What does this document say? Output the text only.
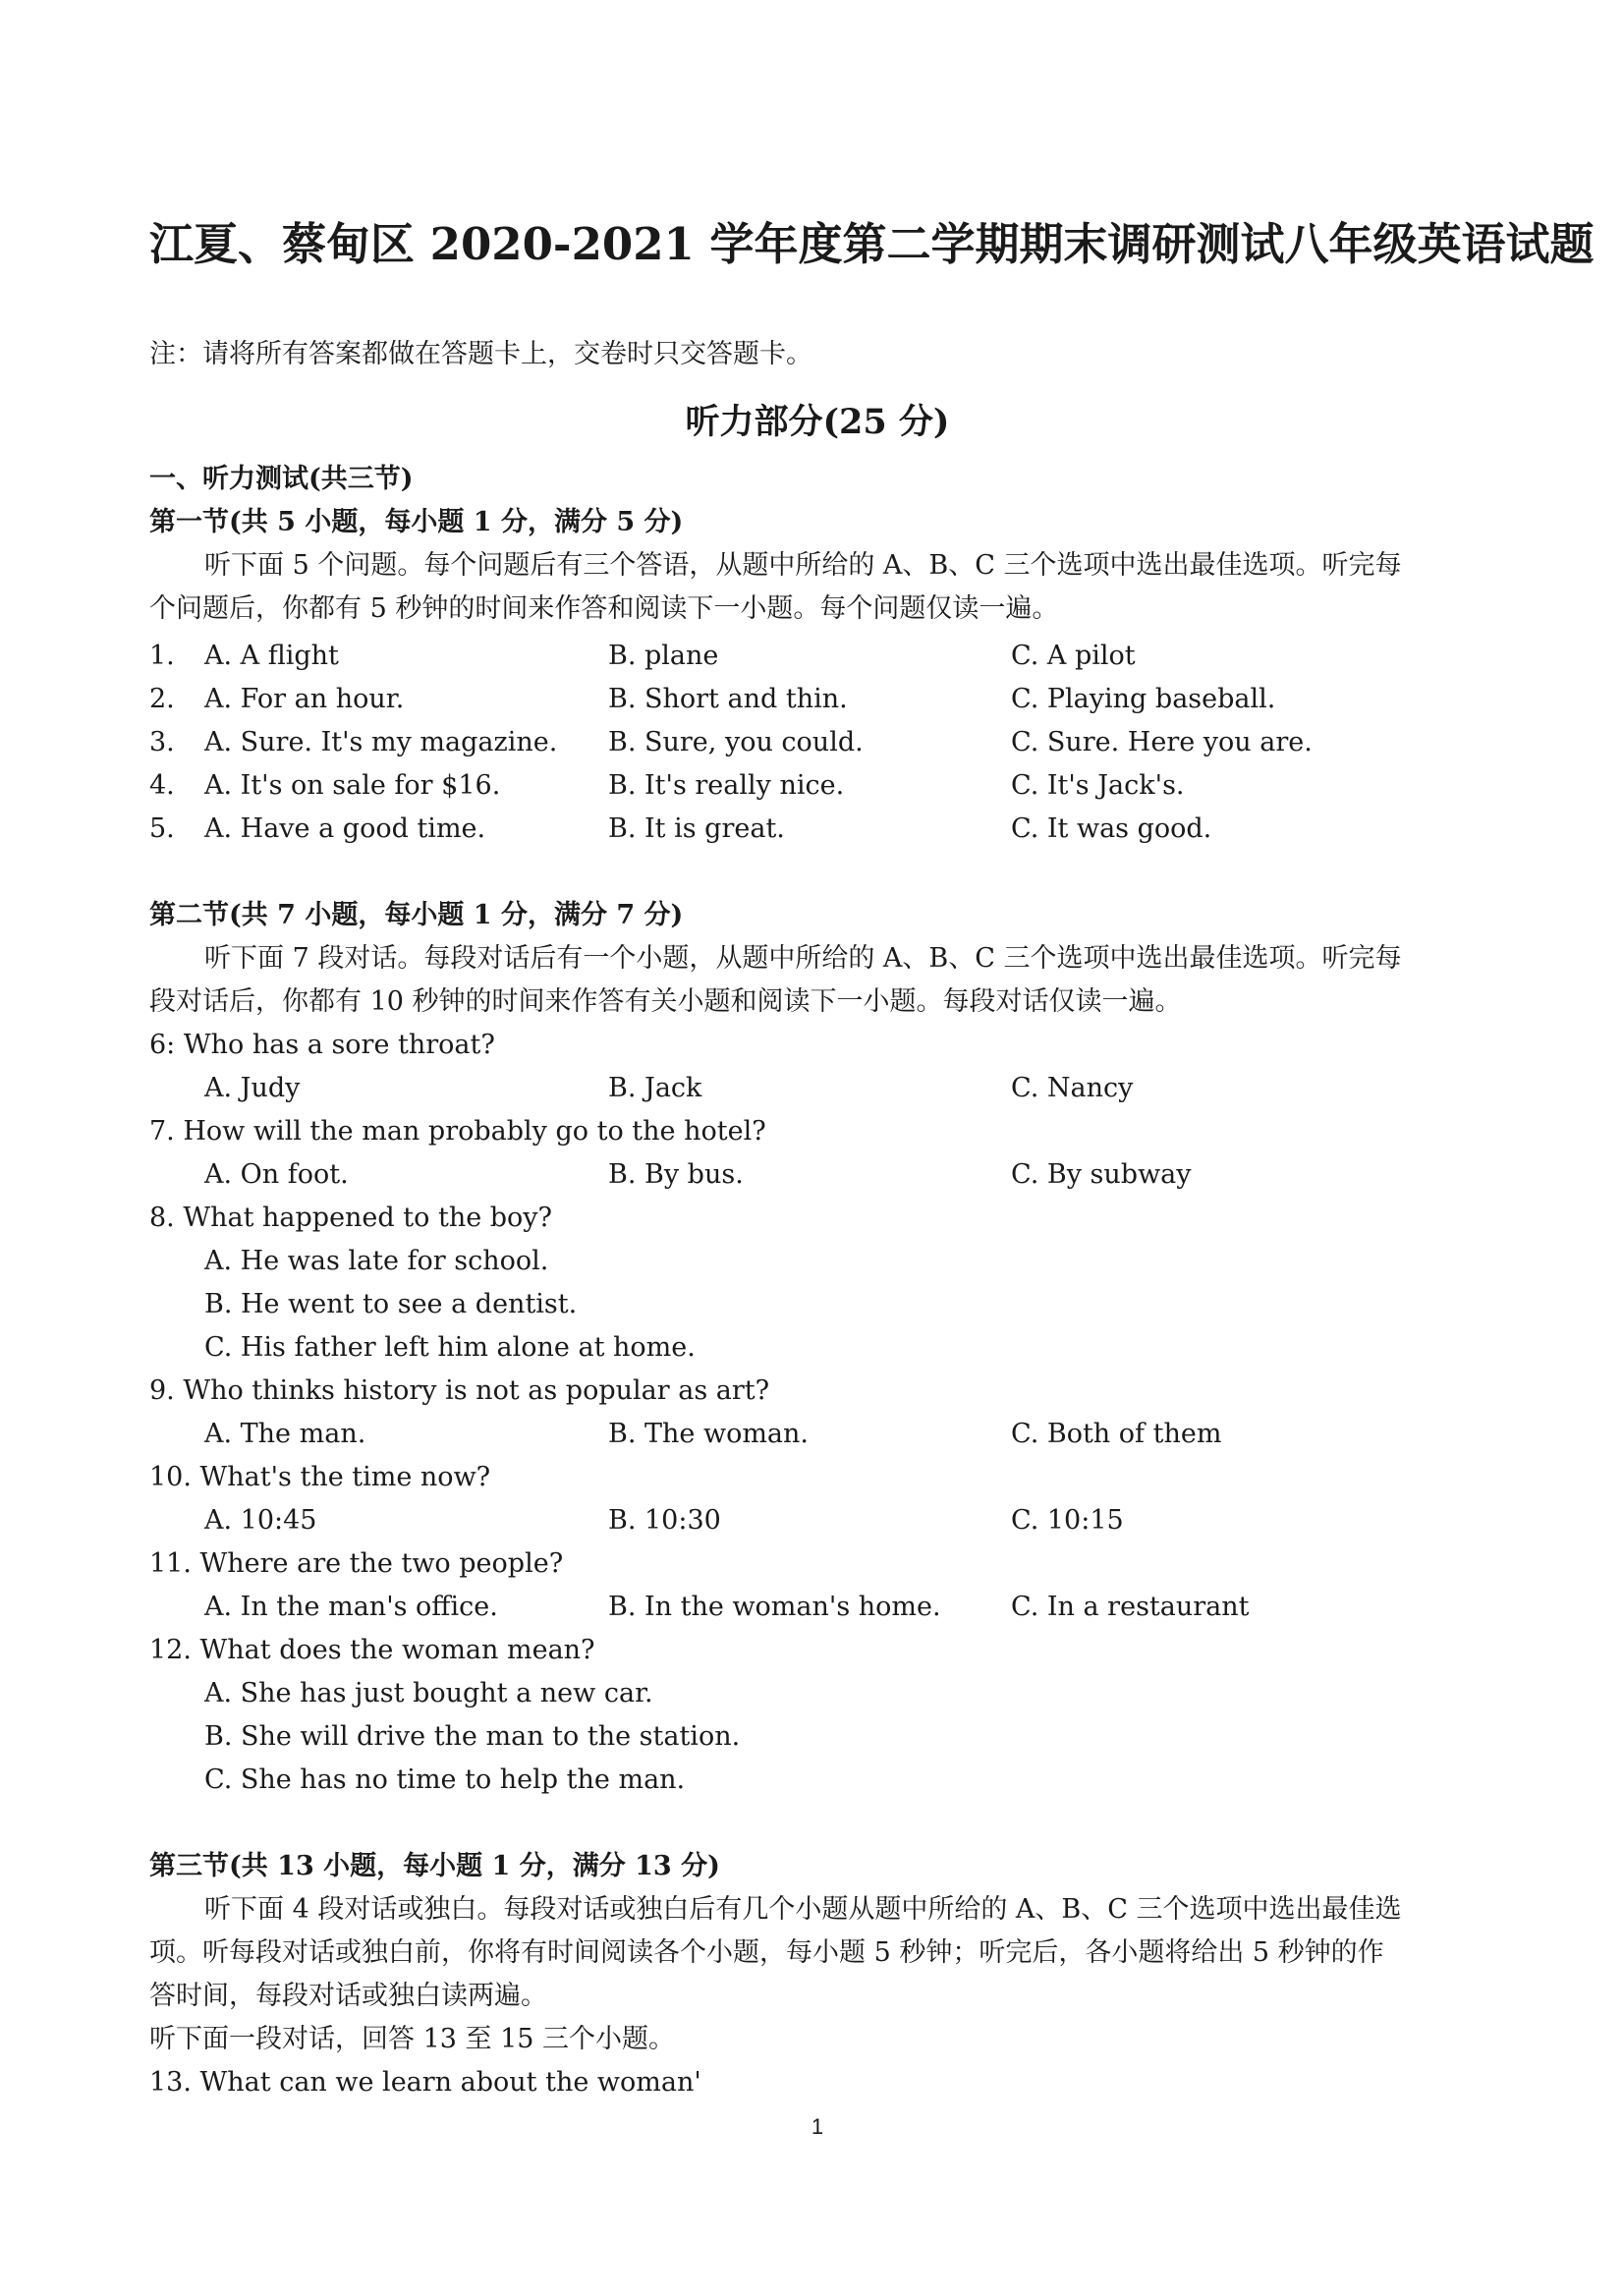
江夏、蔡甸区 2020-2021 学年度第二学期期末调研测试八年级英语试题
注：请将所有答案都做在答题卡上，交卷时只交答题卡。
听力部分(25 分)
一、听力测试(共三节)
第一节(共 5 小题，每小题 1 分，满分 5 分)
听下面 5 个问题。每个问题后有三个答语，从题中所给的 A、B、C 三个选项中选出最佳选项。听完每
个问题后，你都有 5 秒钟的时间来作答和阅读下一小题。每个问题仅读一遍。
1. A. A flight	B. plane	C. A pilot
2. A. For an hour.	B. Short and thin.	C. Playing baseball.
3. A. Sure. It's my magazine. B. Sure, you could.	C. Sure. Here you are.
4. A. It's on sale for $16.	B. It's really nice.	C. It's Jack's.
5. A. Have a good time.	B. It is great.	C. It was good.
第二节(共 7 小题，每小题 1 分，满分 7 分)
听下面 7 段对话。每段对话后有一个小题，从题中所给的 A、B、C 三个选项中选出最佳选项。听完每
段对话后，你都有 10 秒钟的时间来作答有关小题和阅读下一小题。每段对话仅读一遍。
6: Who has a sore throat?
A. Judy	B. Jack	C. Nancy
7. How will the man probably go to the hotel?
A. On foot.	B. By bus.	C. By subway
8. What happened to the boy?
A. He was late for school.
B. He went to see a dentist.
C. His father left him alone at home.
9. Who thinks history is not as popular as art?
A. The man.	B. The woman.	C. Both of them
10. What's the time now?
A. 10:45	B. 10:30	C. 10:15
11. Where are the two people?
A. In the man's office.	B. In the woman's home.	C. In a restaurant
12. What does the woman mean?
A. She has just bought a new car.
B. She will drive the man to the station.
C. She has no time to help the man.
第三节(共 13 小题，每小题 1 分，满分 13 分)
听下面 4 段对话或独白。每段对话或独白后有几个小题从题中所给的 A、B、C 三个选项中选出最佳选
项。听每段对话或独白前，你将有时间阅读各个小题，每小题 5 秒钟；听完后，各小题将给出 5 秒钟的作
答时间，每段对话或独白读两遍。
听下面一段对话，回答 13 至 15 三个小题。
13. What can we learn about the woman'
1
